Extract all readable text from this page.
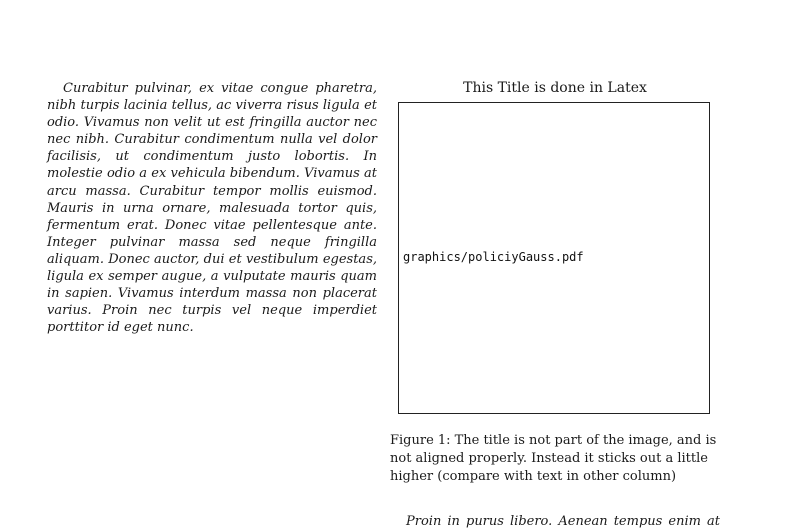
Curabitur pulvinar, ex vitae congue pharetra, nibh turpis lacinia tellus, ac viverra risus ligula et odio. Vivamus non velit ut est fringilla auctor nec nec nibh. Curabitur condimentum nulla vel dolor facilisis, ut condimentum justo lobortis. In molestie odio a ex vehicula bibendum. Vivamus at arcu massa. Curabitur tempor mollis euismod. Mauris in urna ornare, malesuada tortor quis, fermentum erat. Donec vitae pellentesque ante. Integer pulvinar massa sed neque fringilla aliquam. Donec auctor, dui et vestibulum egestas, ligula ex semper augue, a vulputate mauris quam in sapien. Vivamus interdum massa non placerat varius. Proin nec turpis vel neque imperdiet porttitor id eget nunc.

This Title is done in Latex
graphics/policiyGauss.pdf

Figure 1: The title is not part of the image, and is not aligned properly. Instead it sticks out a little higher (compare with text in other column)

Proin in purus libero. Aenean tempus enim at
